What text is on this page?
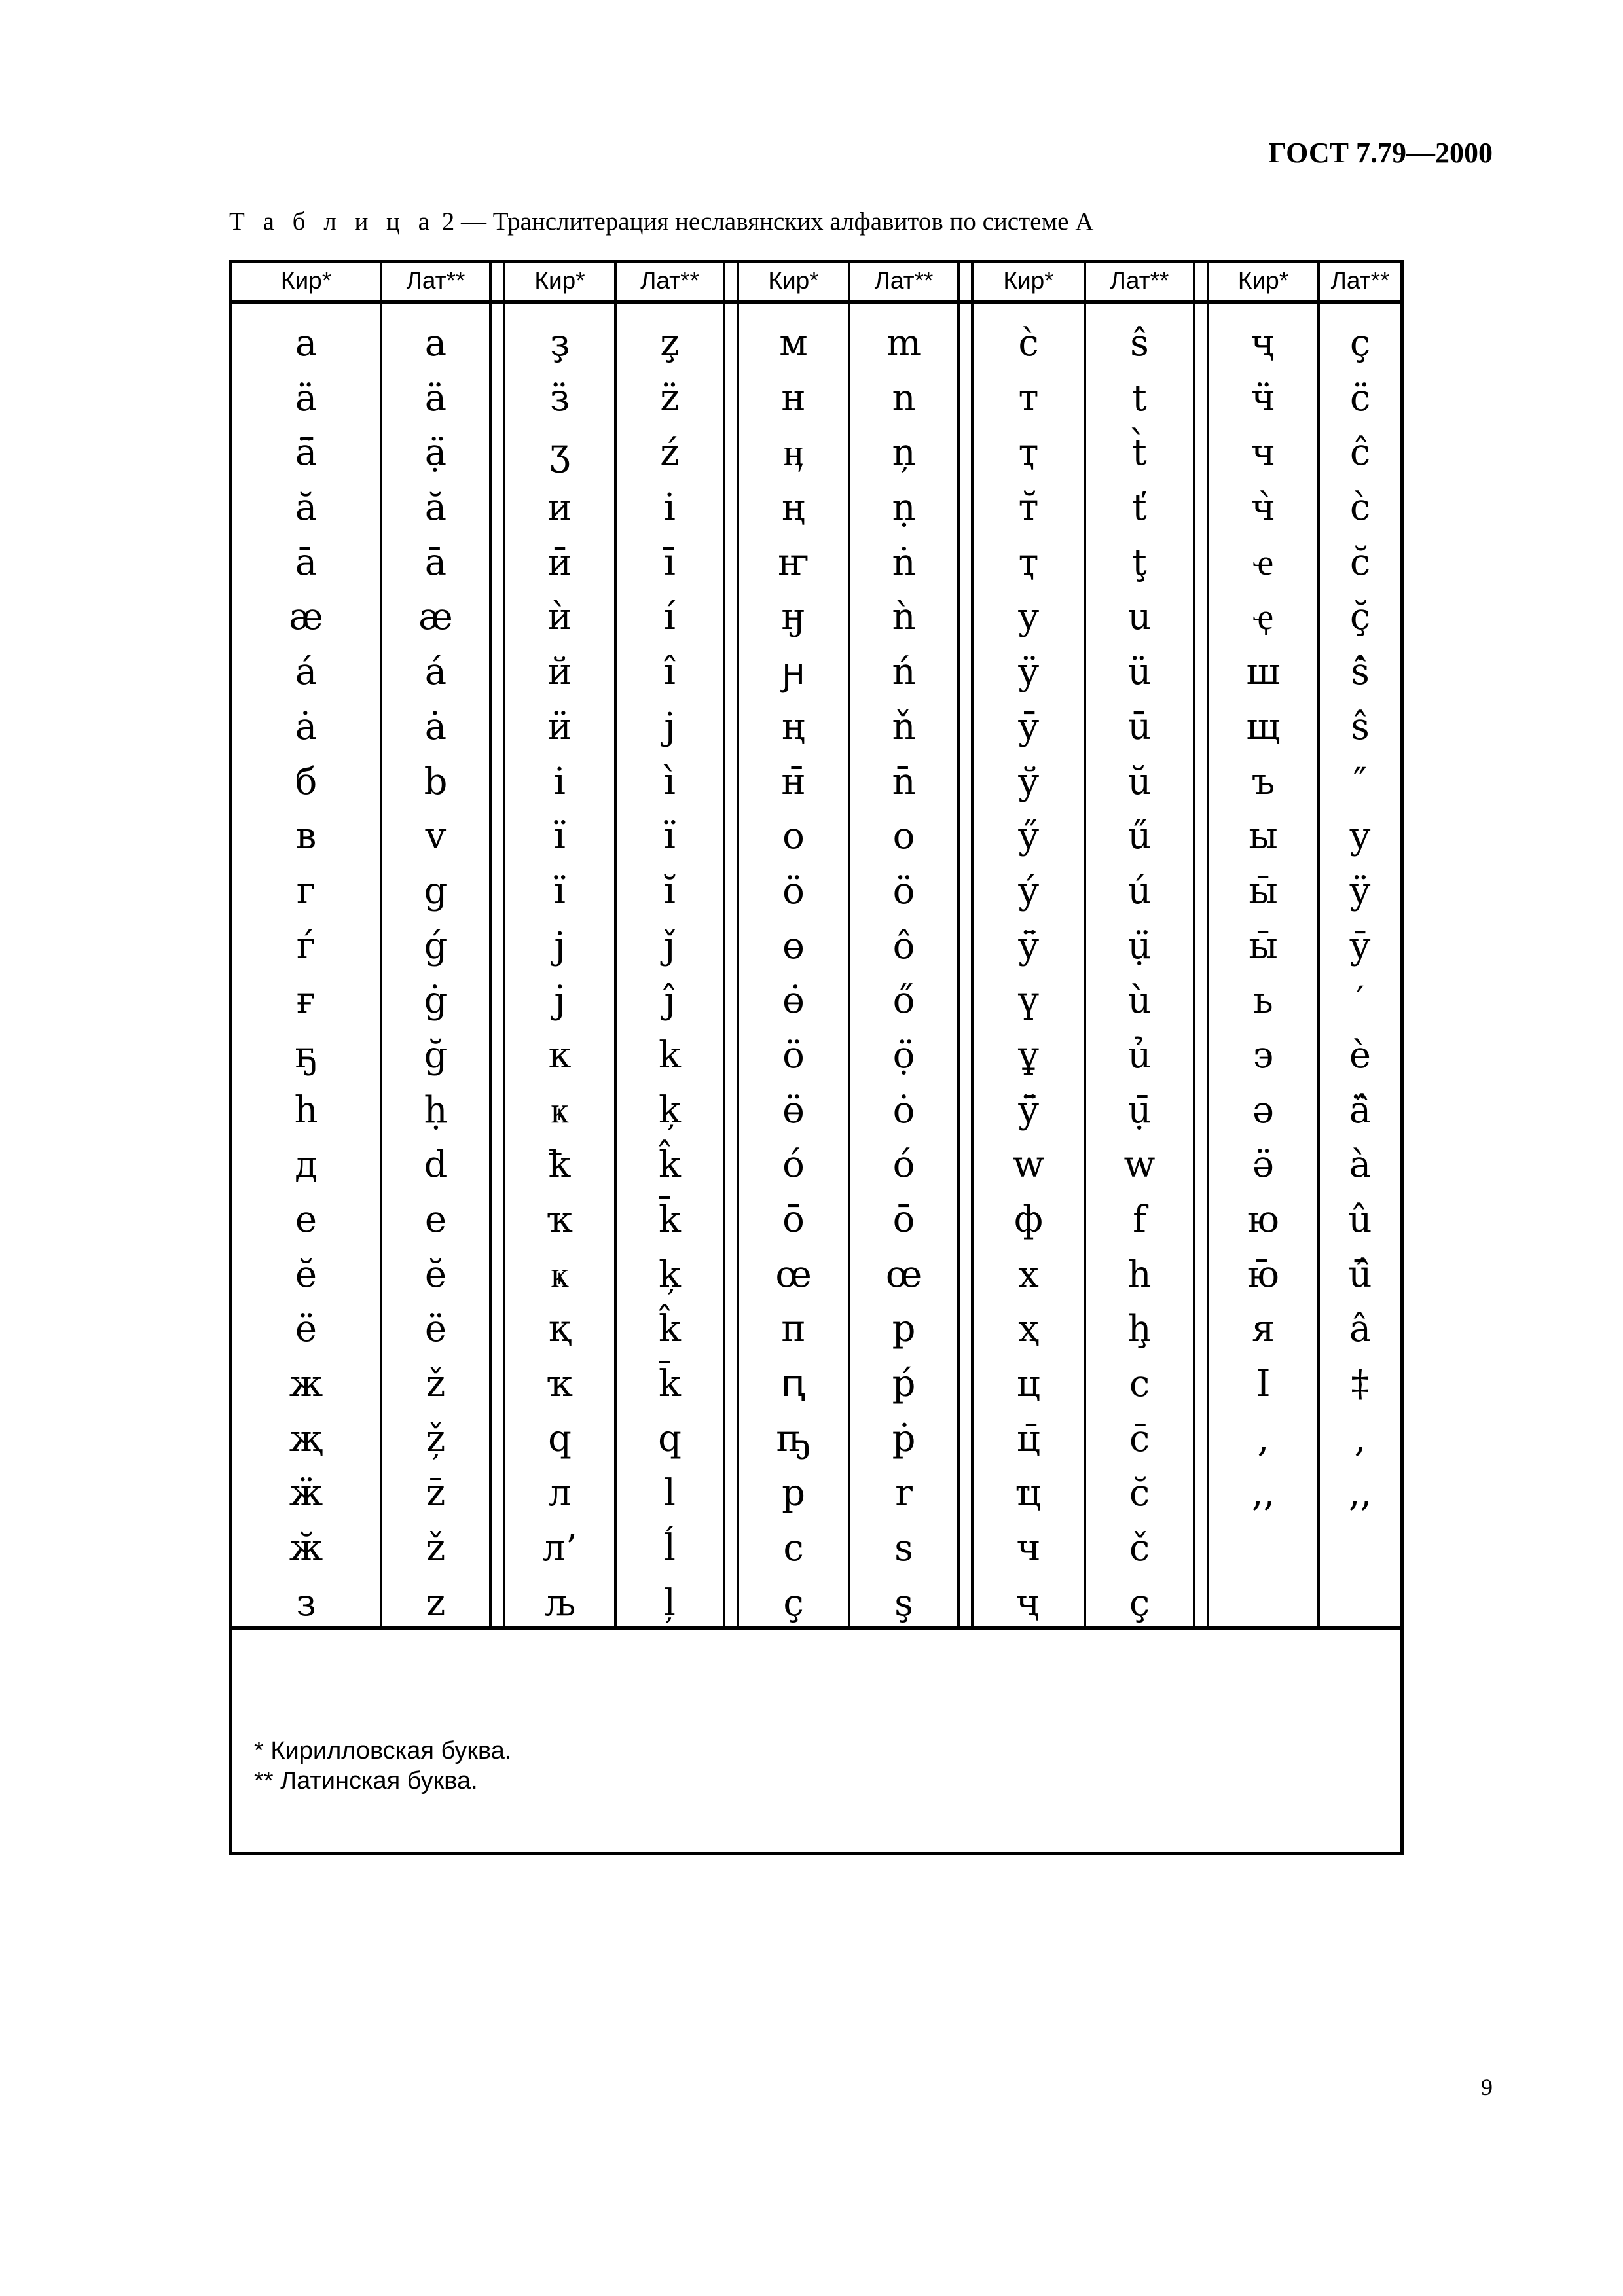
ГОСТ 7.79—2000
Т а б л и ц а 2 — Транслитерация неславянских алфавитов по системе А
Кир*
а
ä
ӓ̄
ӑ
ā
æ
á
ȧ
б
в
г
ѓ
ғ
ҕ
h
д
е
ĕ
ё
ж
җ
ӝ
ӂ
з
Лат**
a
ä
ạ̈
ă
ā
æ
á
ȧ
b
v
g
ǵ
ġ
ğ
ḥ
d
e
ĕ
ë
ž
ž̦
z̄
ž
z
Кир*
ҙ
ӟ
ӡ
и
ӣ
ѝ
й
ӥ
i
ï
ı̈
j
ј̇
к
ҝ
ҟ
ҡ
ҝ
қ
ҡ
q
л
л’
љ
Лат**
z̧
z̈
ź
i
ī
í
î
j
ì
ï
ĭ
ǰ
ĵ
k
ķ
k̂
k̄
ķ
k̂
k̄
q
l
ĺ
ļ
Кир*
м
н
ӊ
ң
ҥ
ӈ
ԩ
ң
н̄
о
ӧ
ө
ө̇
ӧ
ӫ
ó
ō
œ
п
ԥ
ҧ
р
с
ҫ
Лат**
m
n
ņ
ṇ
ṅ
ǹ
ń
ň
n̄
o
ö
ô
ő
ọ̈
ȯ
ó
ō
œ
p
ṕ
ṗ
r
s
ş
Кир*
с̀
т
ҭ
т̆
ҭ
у
ӱ
ӯ
ў
ӳ
у́
ӱ̄
ү
ұ
ӱ̄
w
ф
х
ҳ
ц
ц̄
ҵ
ч
ҷ
Лат**
ŝ
t
t̀
ť
ţ
u
ü
ū
ŭ
ű
ú
ụ̈
ù
ủ
ụ̄
w
f
h
ḩ
c
c̄
c̆
č
ç
Кир*
ҷ
ӵ
ч
ч̀
ҽ
ҿ
ш
щ
ъ
ы
ы̄
ы̄
ь
э
ә
ӛ
ю
ю̄
я
I
,
,,
Лат**
ç
c̈
ĉ
c̀
c̆
ç̆
ŝ̇
ŝ
″
y
ÿ
ȳ
′
è
ä̂
à
û
ū̂
â
‡
,
,,
* Кирилловская буква.
** Латинская буква.
9
